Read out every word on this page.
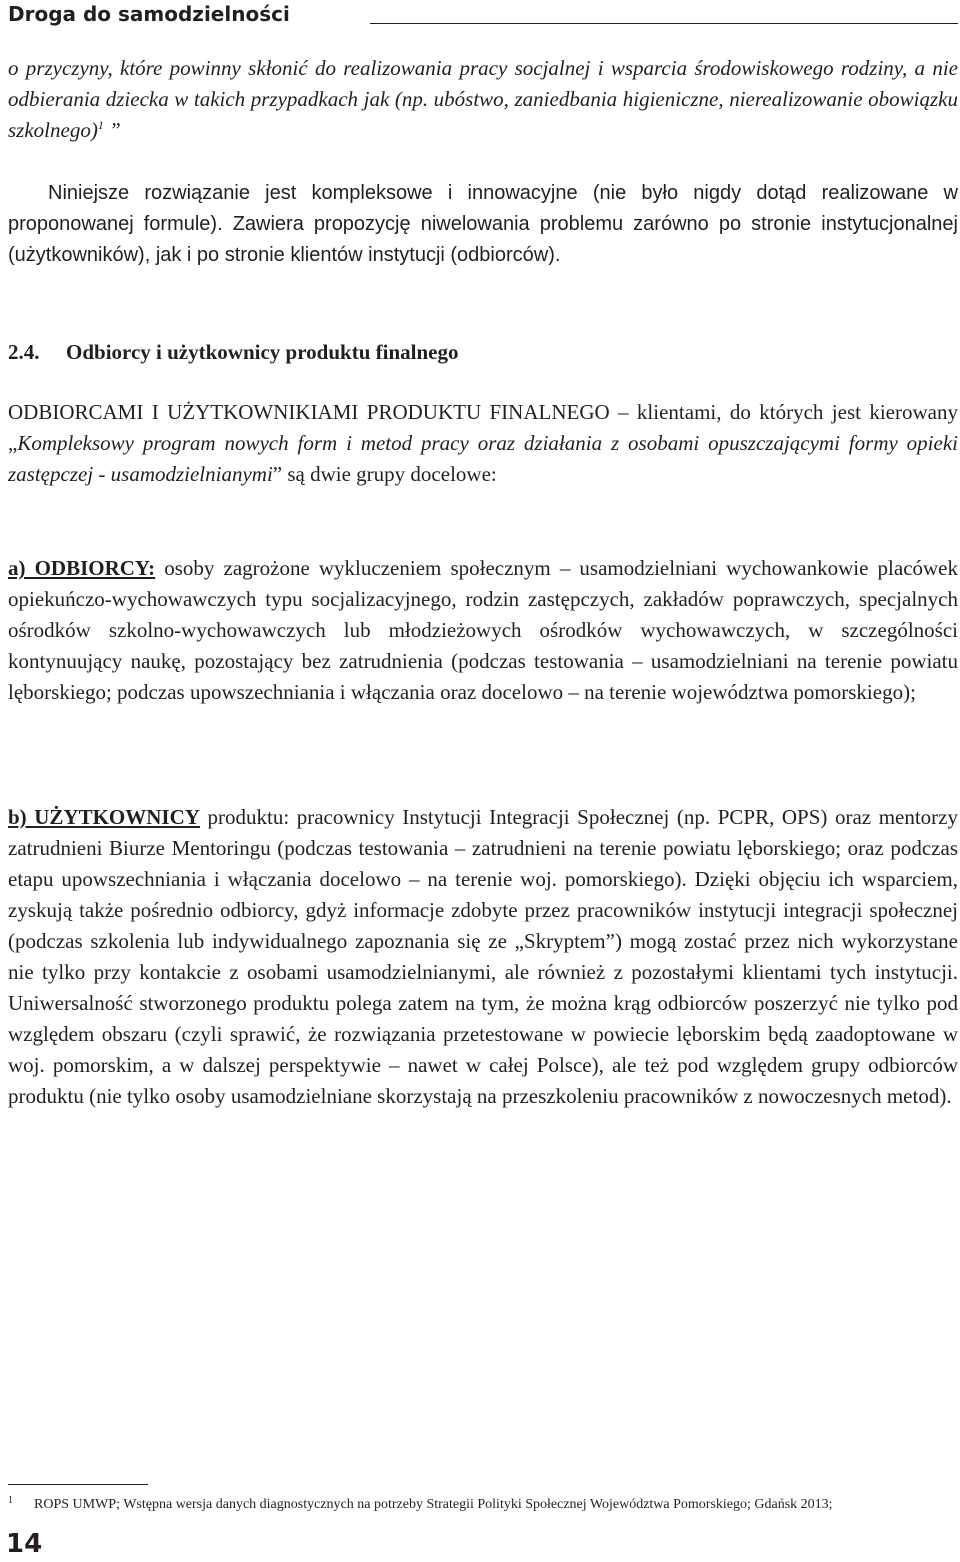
Droga do samodzielności

o przyczyny, które powinny skłonić do realizowania pracy socjalnej i wsparcia środowiskowego rodziny, a nie odbierania dziecka w takich przypadkach jak (np. ubóstwo, zaniedbania higieniczne, nierealizowanie obowiązku szkolnego)$^1$ ”

Niniejsze rozwiązanie jest kompleksowe i innowacyjne (nie było nigdy dotąd realizowane w proponowanej formule). Zawiera propozycję niwelowania problemu zarówno po stronie instytucjonalnej (użytkowników), jak i po stronie klientów instytucji (odbiorców).

2.4. Odbiorcy i użytkownicy produktu finalnego

ODBIORCAMI I UŻYTKOWNIKIAMI PRODUKTU FINALNEGO – klientami, do których jest kierowany „Kompleksowy program nowych form i metod pracy oraz działania z osobami opuszczającymi formy opieki zastępczej - usamodzielnianymi” są dwie grupy docelowe:

a) ODBIORCY: osoby zagrożone wykluczeniem społecznym – usamodzielniani wychowankowie placówek opiekuńczo-wychowawczych typu socjalizacyjnego, rodzin zastępczych, zakładów poprawczych, specjalnych ośrodków szkolno-wychowawczych lub młodzieżowych ośrodków wychowawczych, w szczególności kontynuujący naukę, pozostający bez zatrudnienia (podczas testowania – usamodzielniani na terenie powiatu lęborskiego; podczas upowszechniania i włączania oraz docelowo – na terenie województwa pomorskiego);

b) UŻYTKOWNICY produktu: pracownicy Instytucji Integracji Społecznej (np. PCPR, OPS) oraz mentorzy zatrudnieni Biurze Mentoringu (podczas testowania – zatrudnieni na terenie powiatu lęborskiego; oraz podczas etapu upowszechniania i włączania docelowo – na terenie woj. pomorskiego). Dzięki objęciu ich wsparciem, zyskują także pośrednio odbiorcy, gdyż informacje zdobyte przez pracowników instytucji integracji społecznej (podczas szkolenia lub indywidualnego zapoznania się ze „Skryptem”) mogą zostać przez nich wykorzystane nie tylko przy kontakcie z osobami usamodzielnianymi, ale również z pozostałymi klientami tych instytucji. Uniwersalność stworzonego produktu polega zatem na tym, że można krąg odbiorców poszerzyć nie tylko pod względem obszaru (czyli sprawić, że rozwiązania przetestowane w powiecie lęborskim będą zaadoptowane w woj. pomorskim, a w dalszej perspektywie – nawet w całej Polsce), ale też pod względem grupy odbiorców produktu (nie tylko osoby usamodzielniane skorzystają na przeszkoleniu pracowników z nowoczesnych metod).

1 ROPS UMWP; Wstępna wersja danych diagnostycznych na potrzeby Strategii Polityki Społecznej Województwa Pomorskiego; Gdańsk 2013;
14
